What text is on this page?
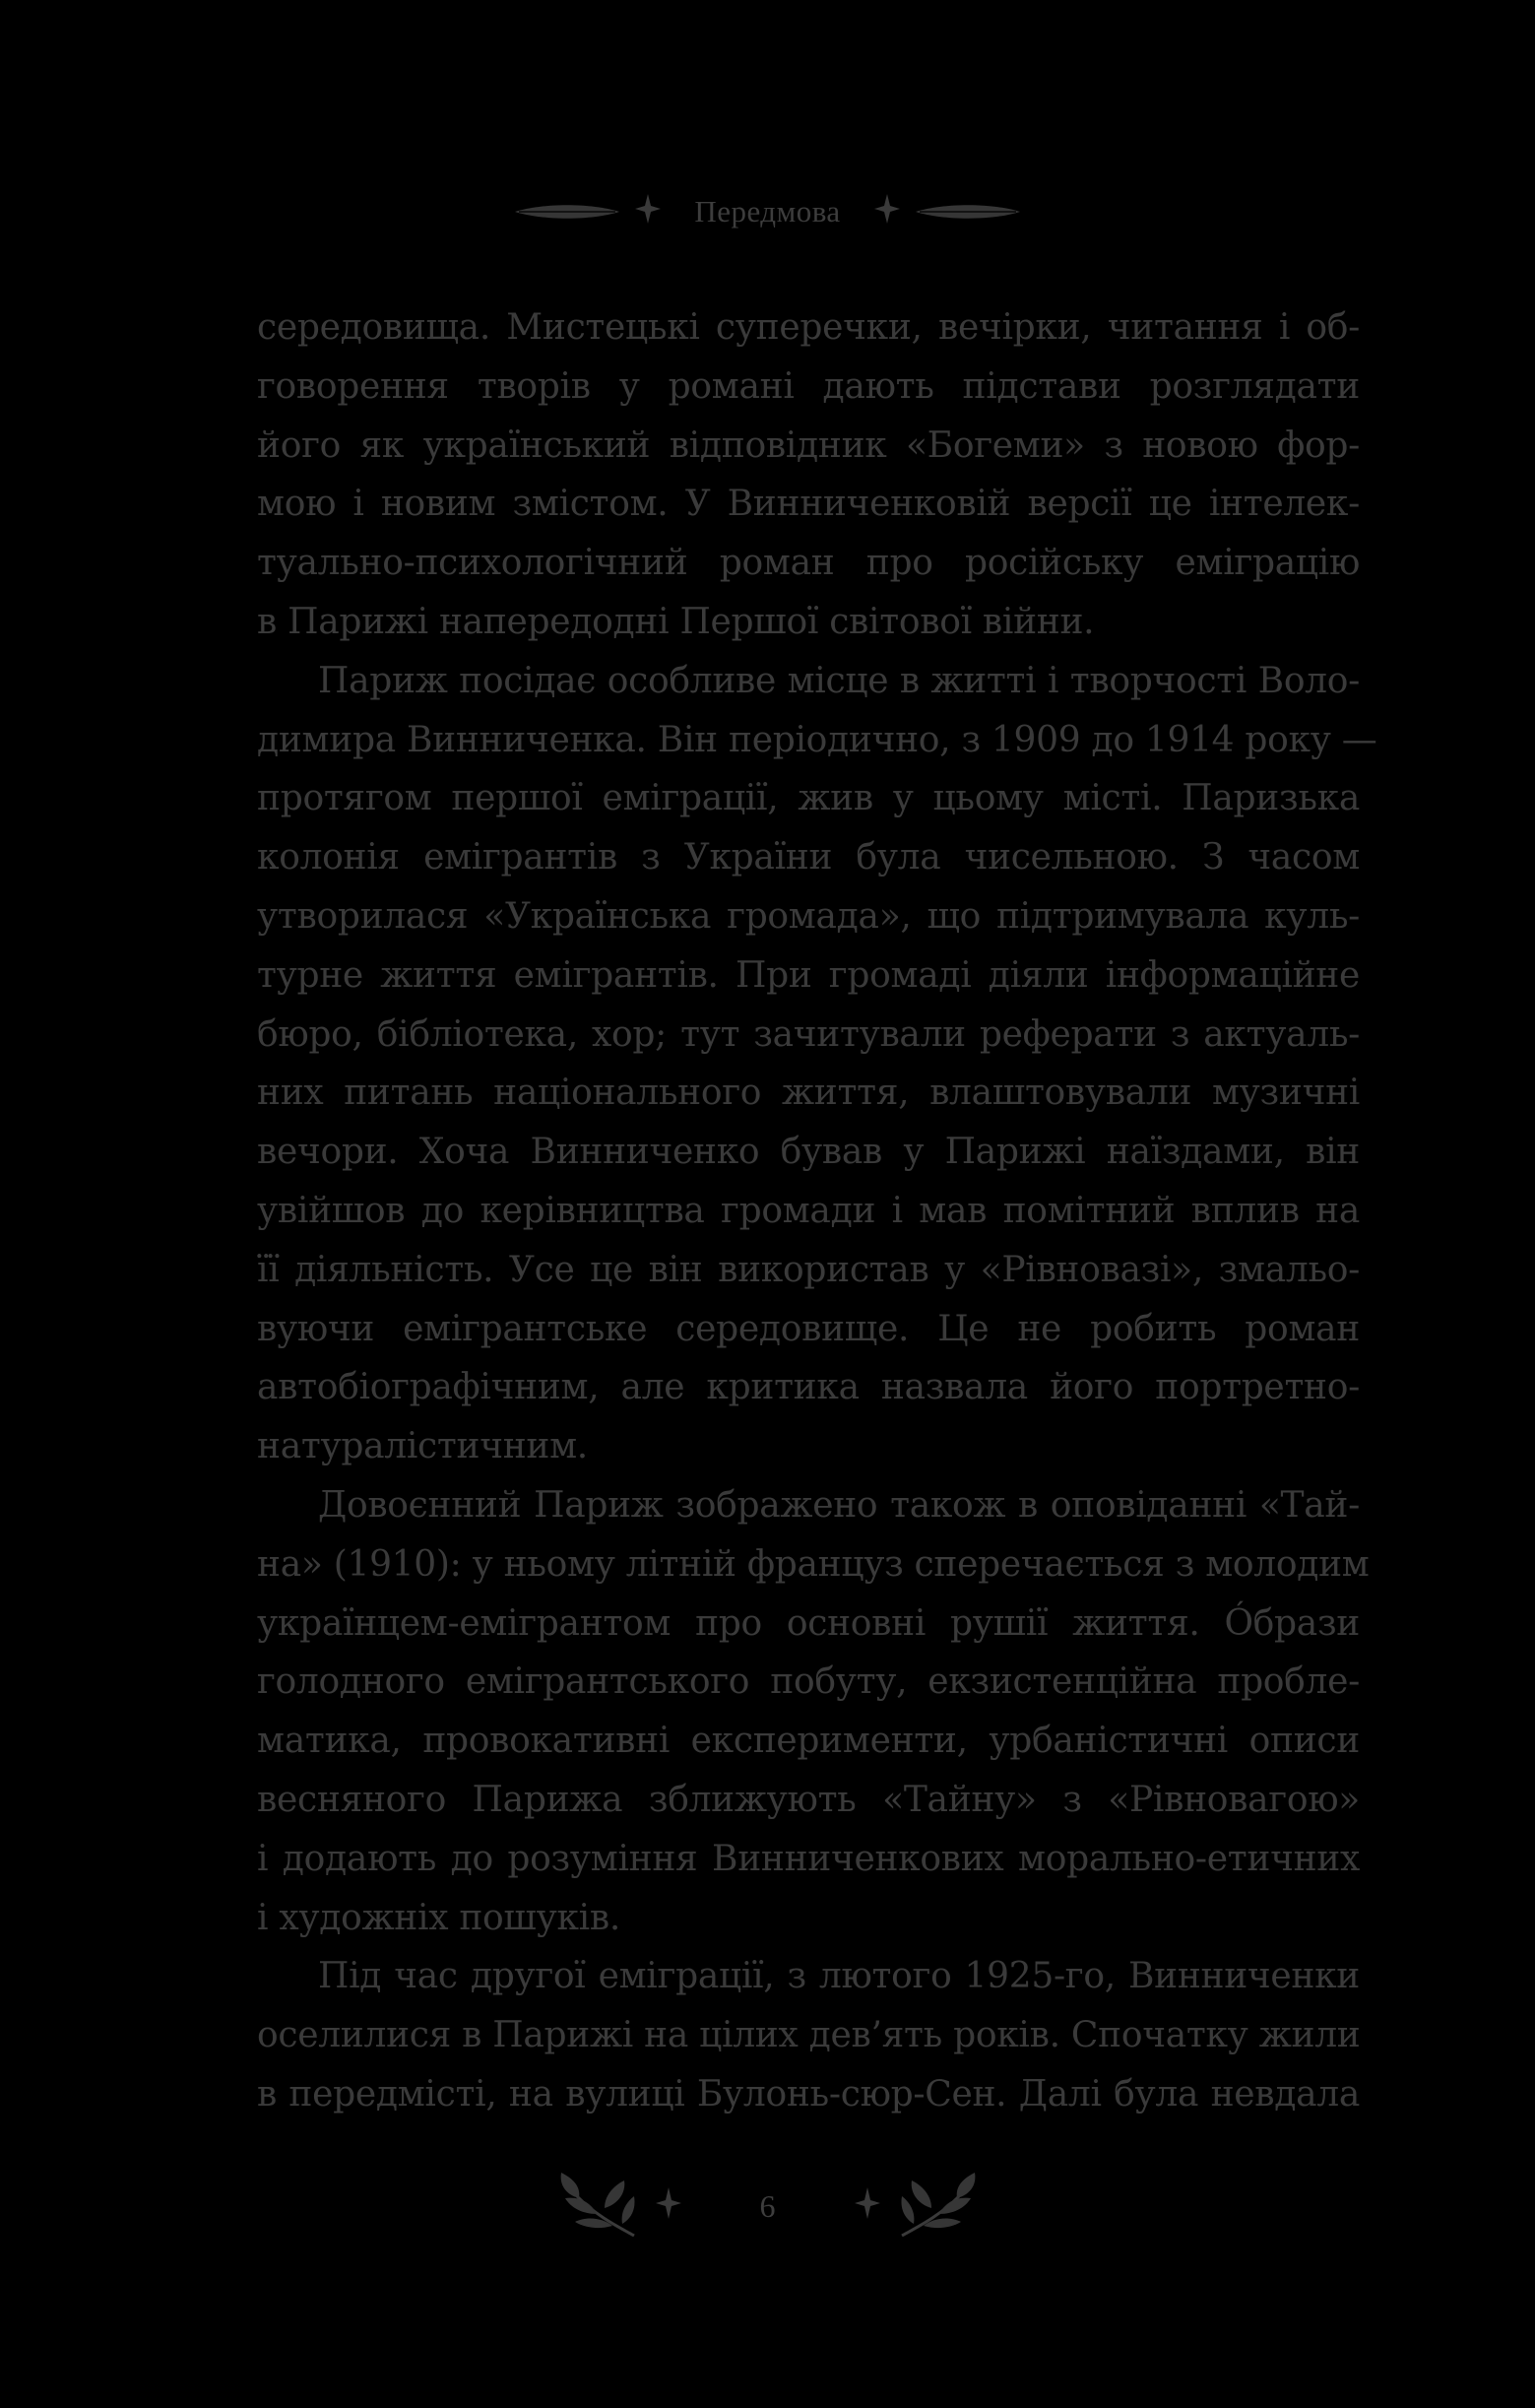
Передмова
середовища. Мистецькі суперечки, вечірки, читання і об-
говорення творів у романі дають підстави розглядати
його як український відповідник «Богеми» з новою фор-
мою і новим змістом. У Винниченковій версії це інтелек-
туально-психологічний роман про російську еміграцію
в Парижі напередодні Першої світової війни.
Париж посідає особливе місце в житті і творчості Воло-
димира Винниченка. Він періодично, з 1909 до 1914 року —
протягом першої еміграції, жив у цьому місті. Паризька
колонія емігрантів з України була чисельною. З часом
утворилася «Українська громада», що підтримувала куль-
турне життя емігрантів. При громаді діяли інформаційне
бюро, бібліотека, хор; тут зачитували реферати з актуаль-
них питань національного життя, влаштовували музичні
вечори. Хоча Винниченко бував у Парижі наїздами, він
увійшов до керівництва громади і мав помітний вплив на
її діяльність. Усе це він використав у «Рівновазі», змальо-
вуючи емігрантське середовище. Це не робить роман
автобіографічним, але критика назвала його портретно-
натуралістичним.
Довоєнний Париж зображено також в оповіданні «Тай-
на» (1910): у ньому літній француз сперечається з молодим
українцем-емігрантом про основні рушії життя. Óбрази
голодного емігрантського побуту, екзистенційна пробле-
матика, провокативні експерименти, урбаністичні описи
весняного Парижа зближують «Тайну» з «Рівновагою»
і додають до розуміння Винниченкових морально-етичних
і художніх пошуків.
Під час другої еміграції, з лютого 1925-го, Винниченки
оселилися в Парижі на цілих дев’ять років. Спочатку жили
в передмісті, на вулиці Булонь-сюр-Сен. Далі була невдала
6
